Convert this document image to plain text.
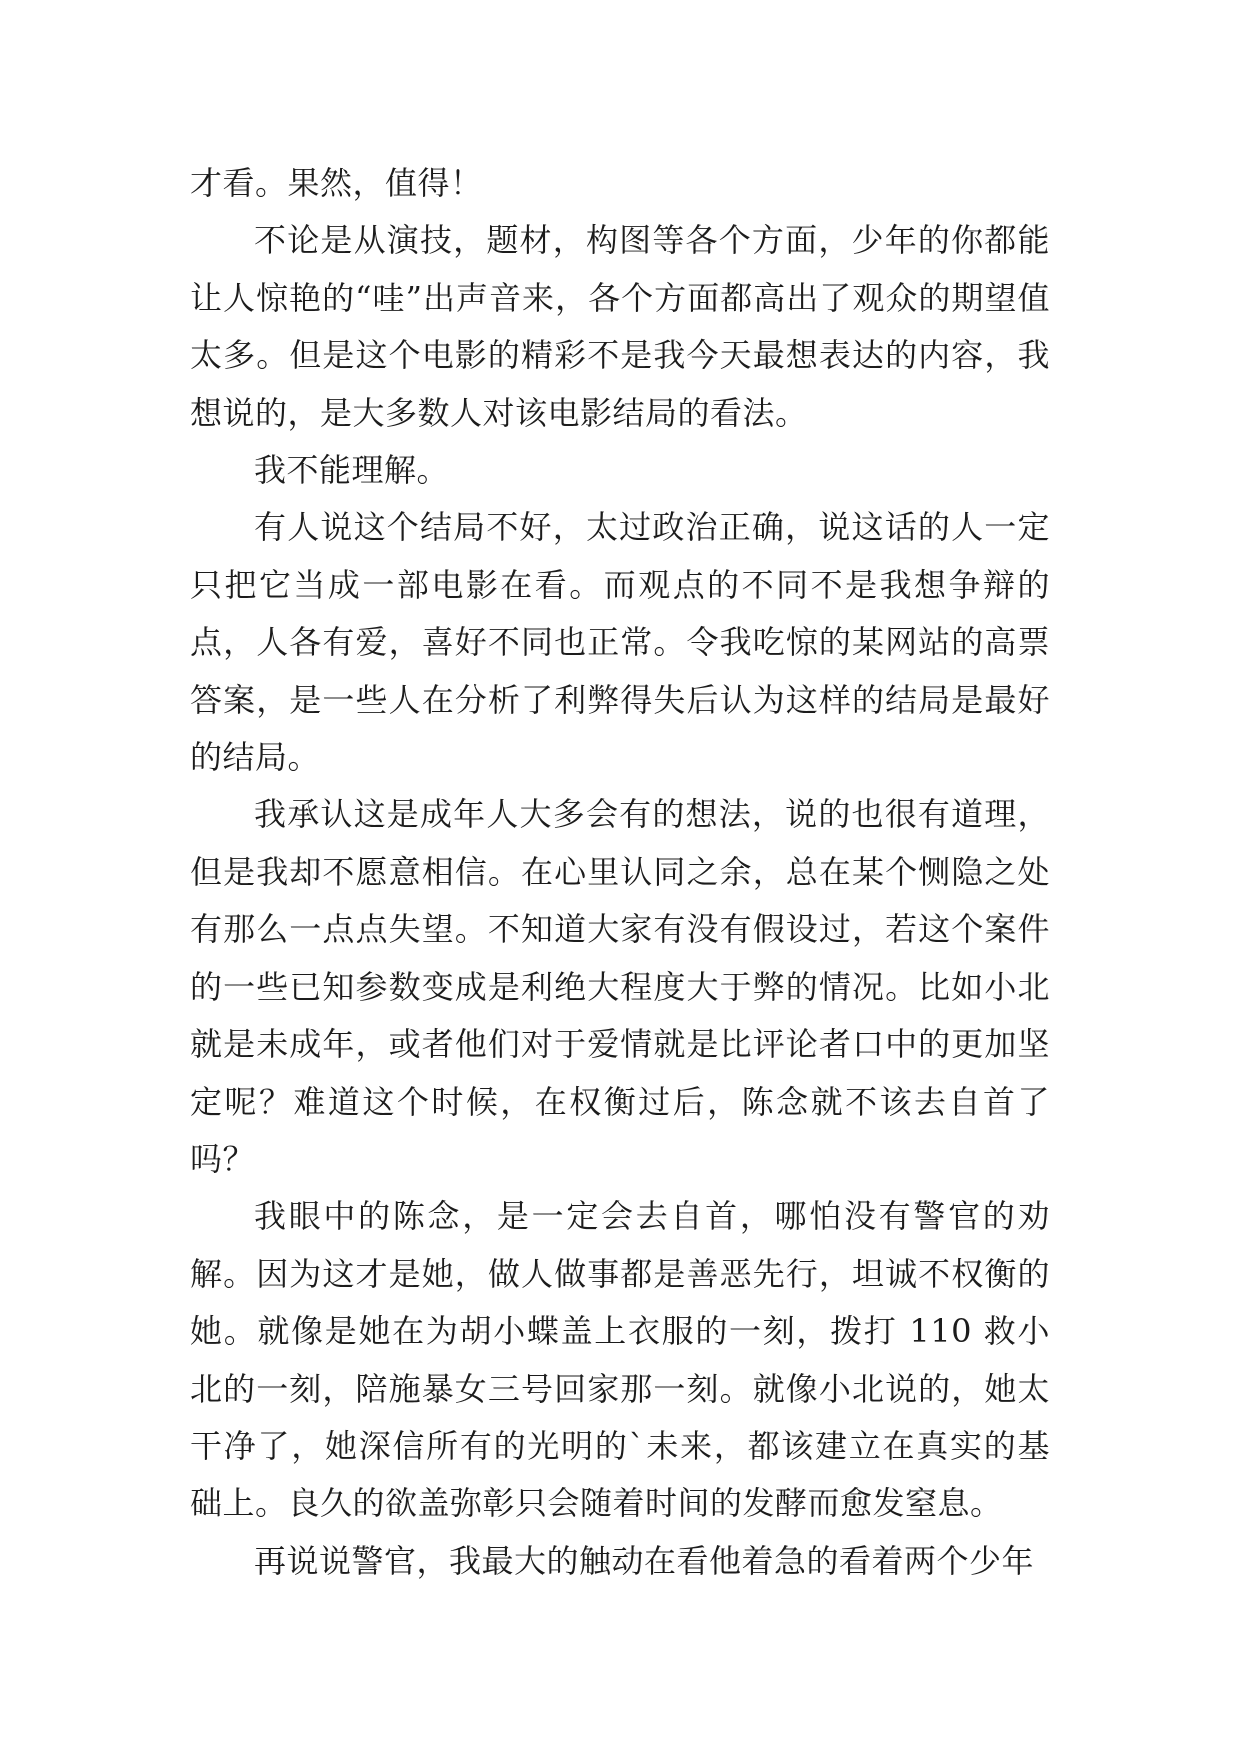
才看。果然，值得！

不论是从演技，题材，构图等各个方面，少年的你都能让人惊艳的“哇”出声音来，各个方面都高出了观众的期望值太多。但是这个电影的精彩不是我今天最想表达的内容，我想说的，是大多数人对该电影结局的看法。

我不能理解。

有人说这个结局不好，太过政治正确，说这话的人一定只把它当成一部电影在看。而观点的不同不是我想争辩的点，人各有爱，喜好不同也正常。令我吃惊的某网站的高票答案，是一些人在分析了利弊得失后认为这样的结局是最好的结局。

我承认这是成年人大多会有的想法，说的也很有道理，但是我却不愿意相信。在心里认同之余，总在某个恻隐之处有那么一点点失望。不知道大家有没有假设过，若这个案件的一些已知参数变成是利绝大程度大于弊的情况。比如小北就是未成年，或者他们对于爱情就是比评论者口中的更加坚定呢？难道这个时候，在权衡过后，陈念就不该去自首了吗？

我眼中的陈念，是一定会去自首，哪怕没有警官的劝解。因为这才是她，做人做事都是善恶先行，坦诚不权衡的她。就像是她在为胡小蝶盖上衣服的一刻，拨打 110 救小北的一刻，陪施暴女三号回家那一刻。就像小北说的，她太干净了，她深信所有的光明的`未来，都该建立在真实的基础上。良久的欲盖弥彰只会随着时间的发酵而愈发窒息。

再说说警官，我最大的触动在看他着急的看着两个少年
